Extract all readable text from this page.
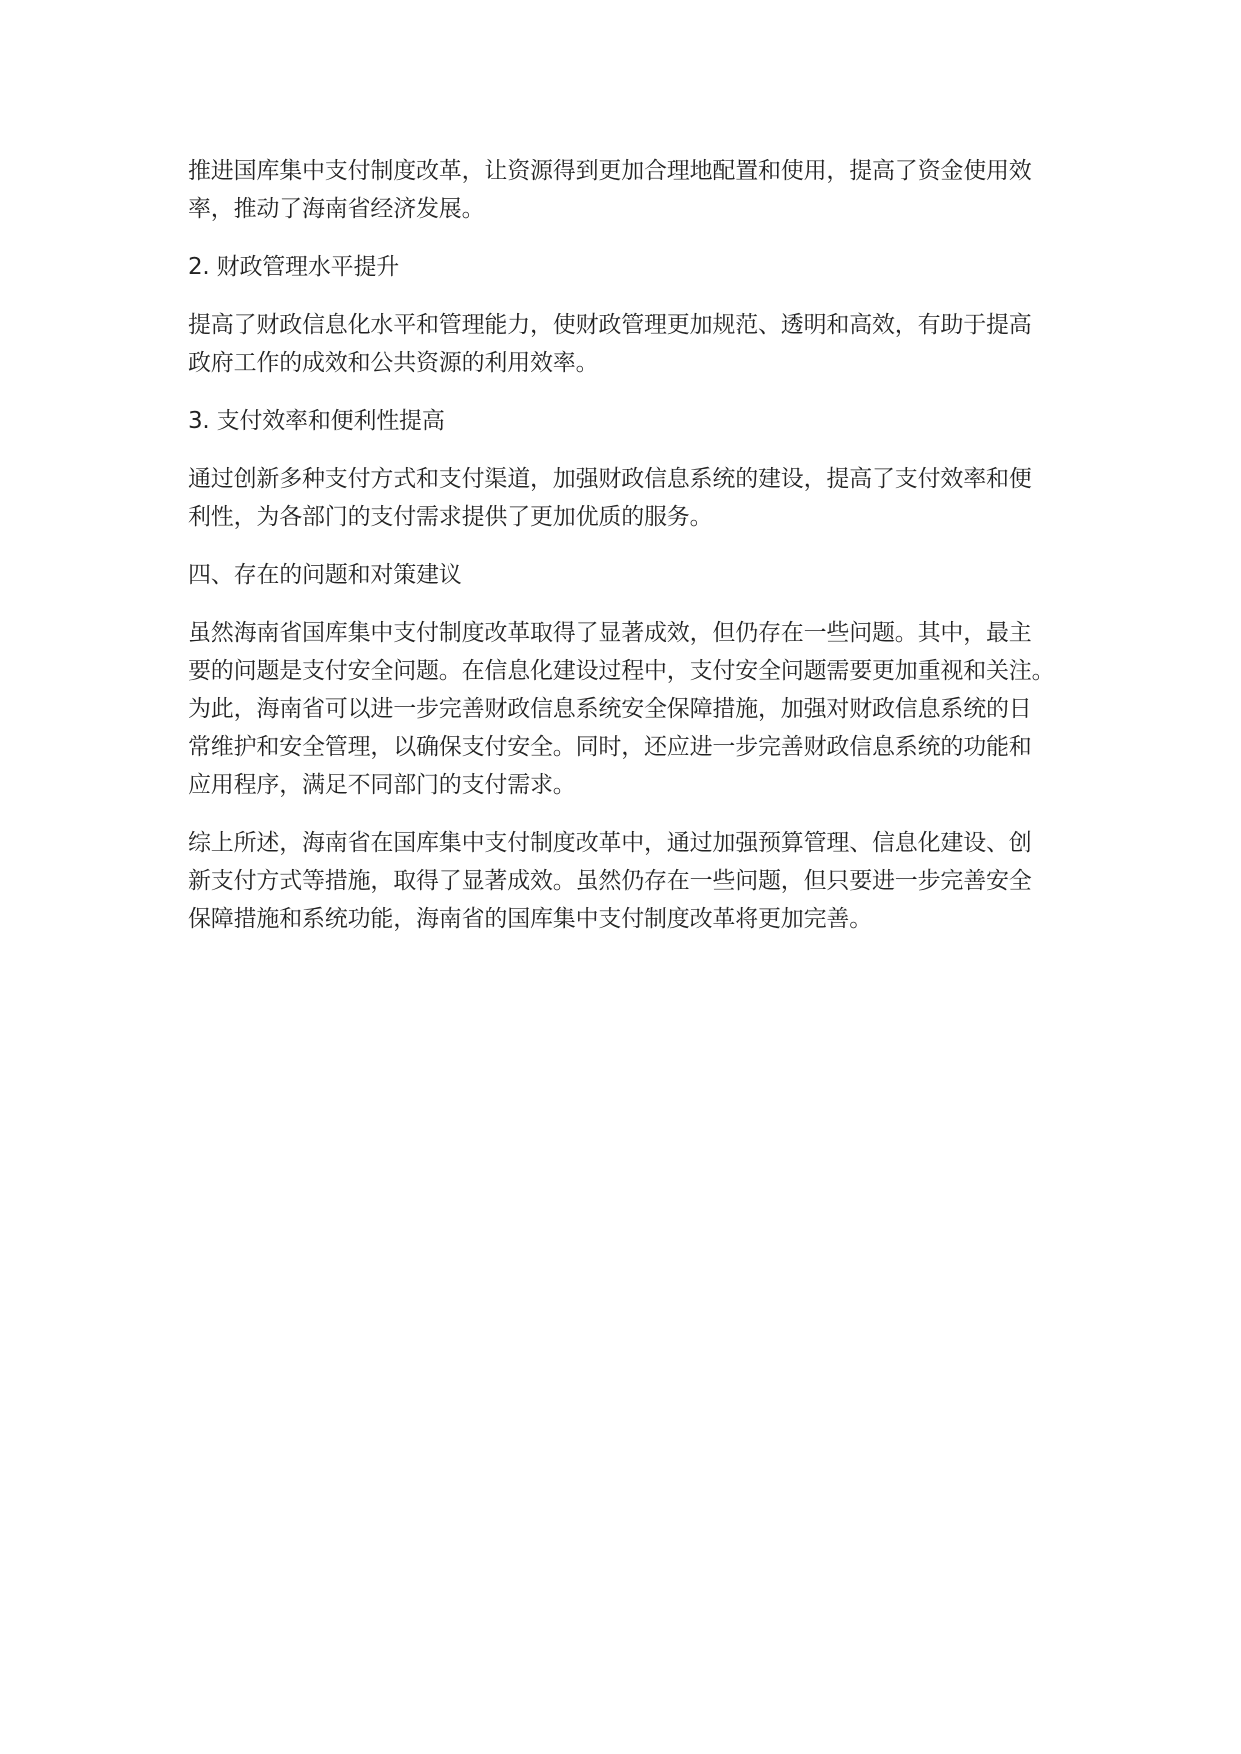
推进国库集中支付制度改革，让资源得到更加合理地配置和使用，提高了资金使用效
率，推动了海南省经济发展。
2. 财政管理水平提升
提高了财政信息化水平和管理能力，使财政管理更加规范、透明和高效，有助于提高
政府工作的成效和公共资源的利用效率。
3. 支付效率和便利性提高
通过创新多种支付方式和支付渠道，加强财政信息系统的建设，提高了支付效率和便
利性，为各部门的支付需求提供了更加优质的服务。
四、存在的问题和对策建议
虽然海南省国库集中支付制度改革取得了显著成效，但仍存在一些问题。其中，最主
要的问题是支付安全问题。在信息化建设过程中，支付安全问题需要更加重视和关注。
为此，海南省可以进一步完善财政信息系统安全保障措施，加强对财政信息系统的日
常维护和安全管理，以确保支付安全。同时，还应进一步完善财政信息系统的功能和
应用程序，满足不同部门的支付需求。
综上所述，海南省在国库集中支付制度改革中，通过加强预算管理、信息化建设、创
新支付方式等措施，取得了显著成效。虽然仍存在一些问题，但只要进一步完善安全
保障措施和系统功能，海南省的国库集中支付制度改革将更加完善。
